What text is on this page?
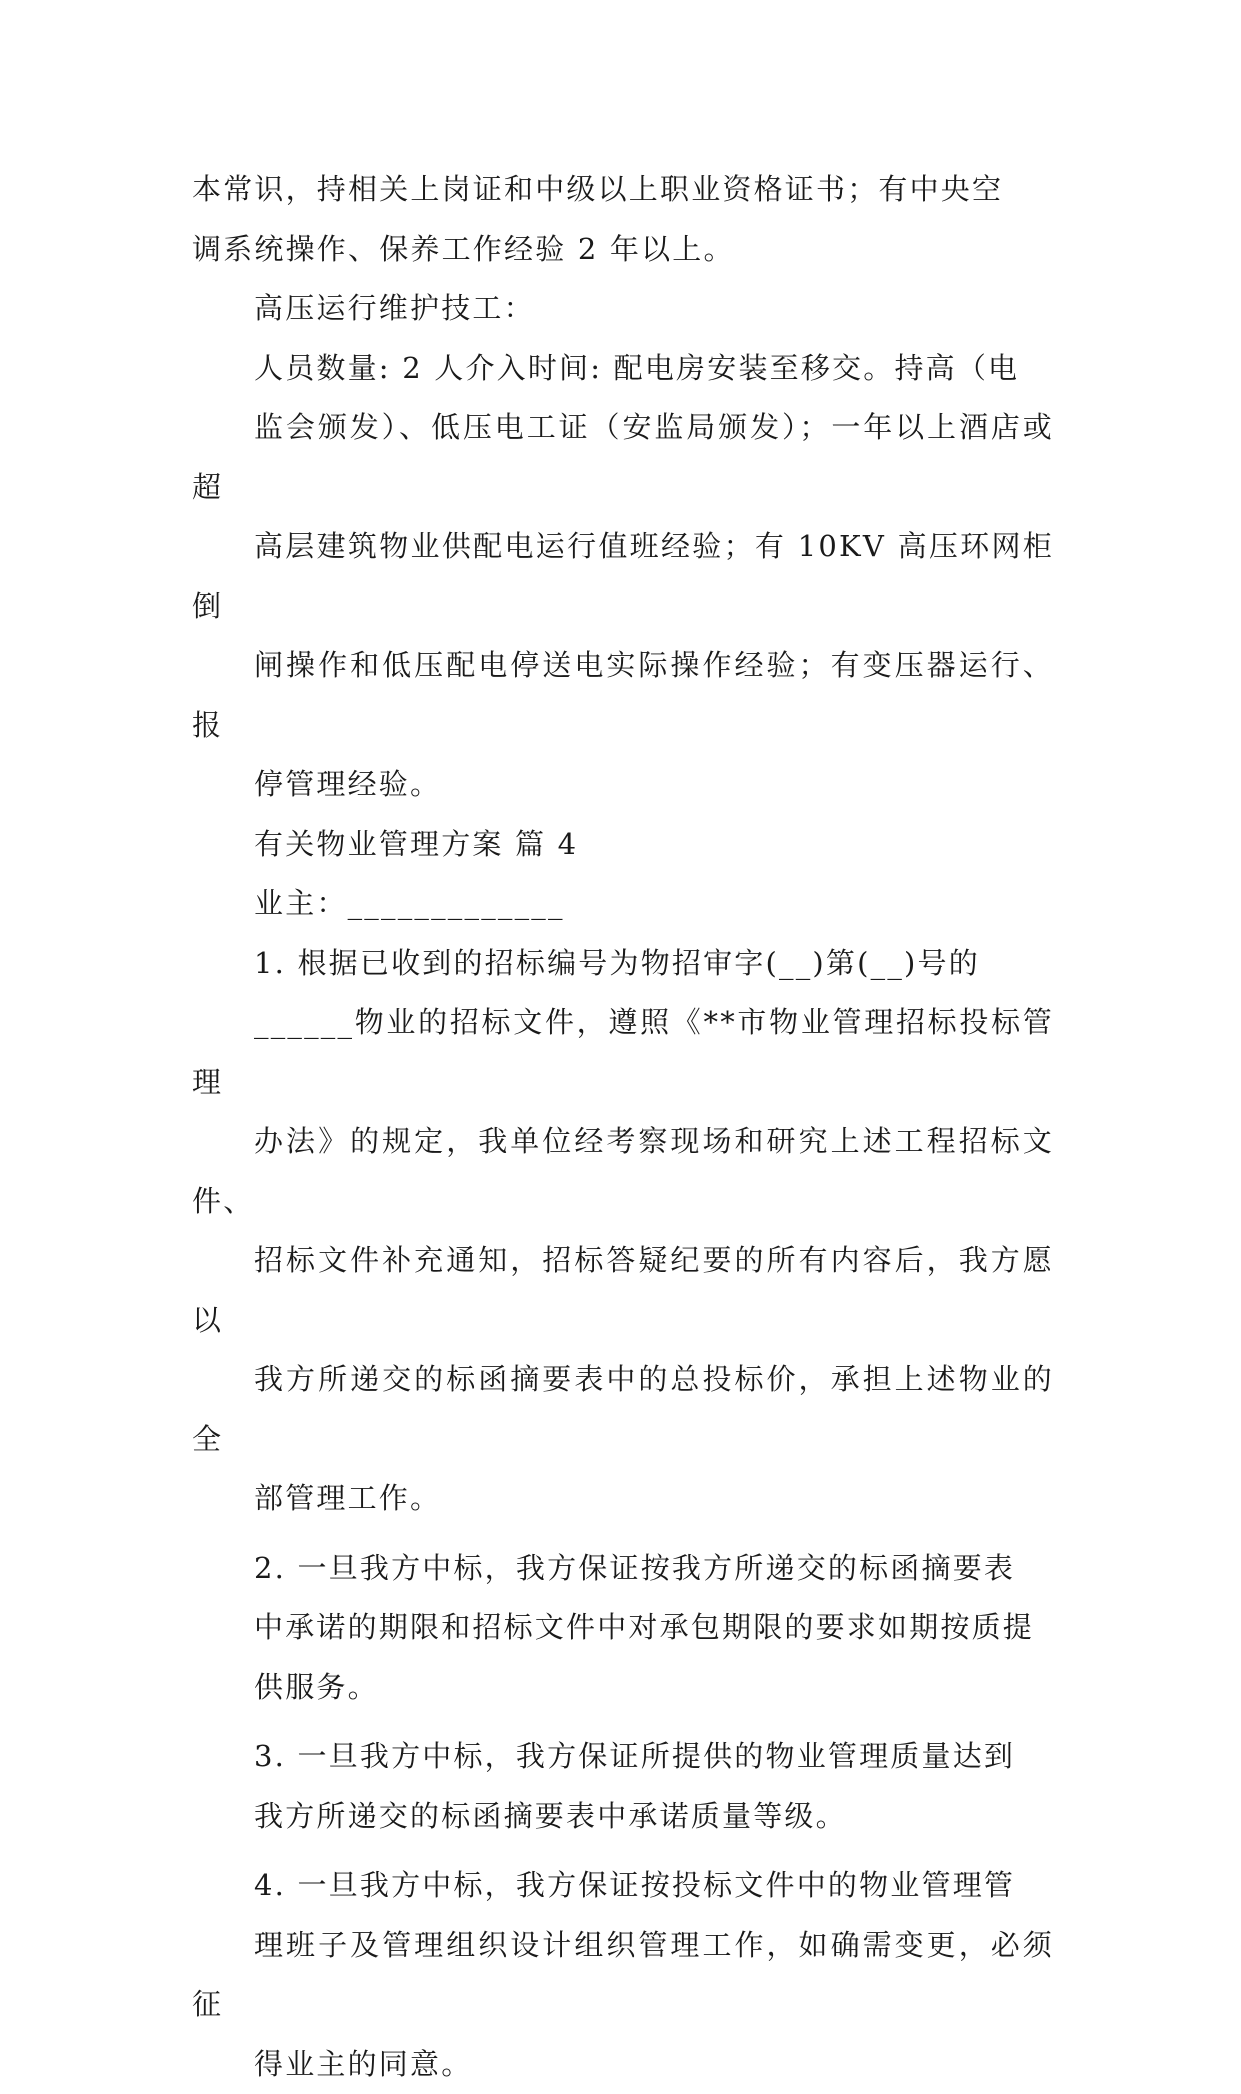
本常识，持相关上岗证和中级以上职业资格证书；有中央空
调系统操作、保养工作经验 2 年以上。

高压运行维护技工：

人员数量: 2 人介入时间: 配电房安装至移交。持高（电
监会颁发）、低压电工证（安监局颁发）；一年以上酒店或超
高层建筑物业供配电运行值班经验；有 10KV 高压环网柜倒
闸操作和低压配电停送电实际操作经验；有变压器运行、报
停管理经验。

有关物业管理方案 篇 4

业主：_____________

1. 根据已收到的招标编号为物招审字(__)第(__)号的
______物业的招标文件，遵照《**市物业管理招标投标管理
办法》的规定，我单位经考察现场和研究上述工程招标文件、
招标文件补充通知，招标答疑纪要的所有内容后，我方愿以
我方所递交的标函摘要表中的总投标价，承担上述物业的全
部管理工作。

2. 一旦我方中标，我方保证按我方所递交的标函摘要表
中承诺的期限和招标文件中对承包期限的要求如期按质提
供服务。

3. 一旦我方中标，我方保证所提供的物业管理质量达到
我方所递交的标函摘要表中承诺质量等级。

4. 一旦我方中标，我方保证按投标文件中的物业管理管
理班子及管理组织设计组织管理工作，如确需变更，必须征
得业主的同意。
